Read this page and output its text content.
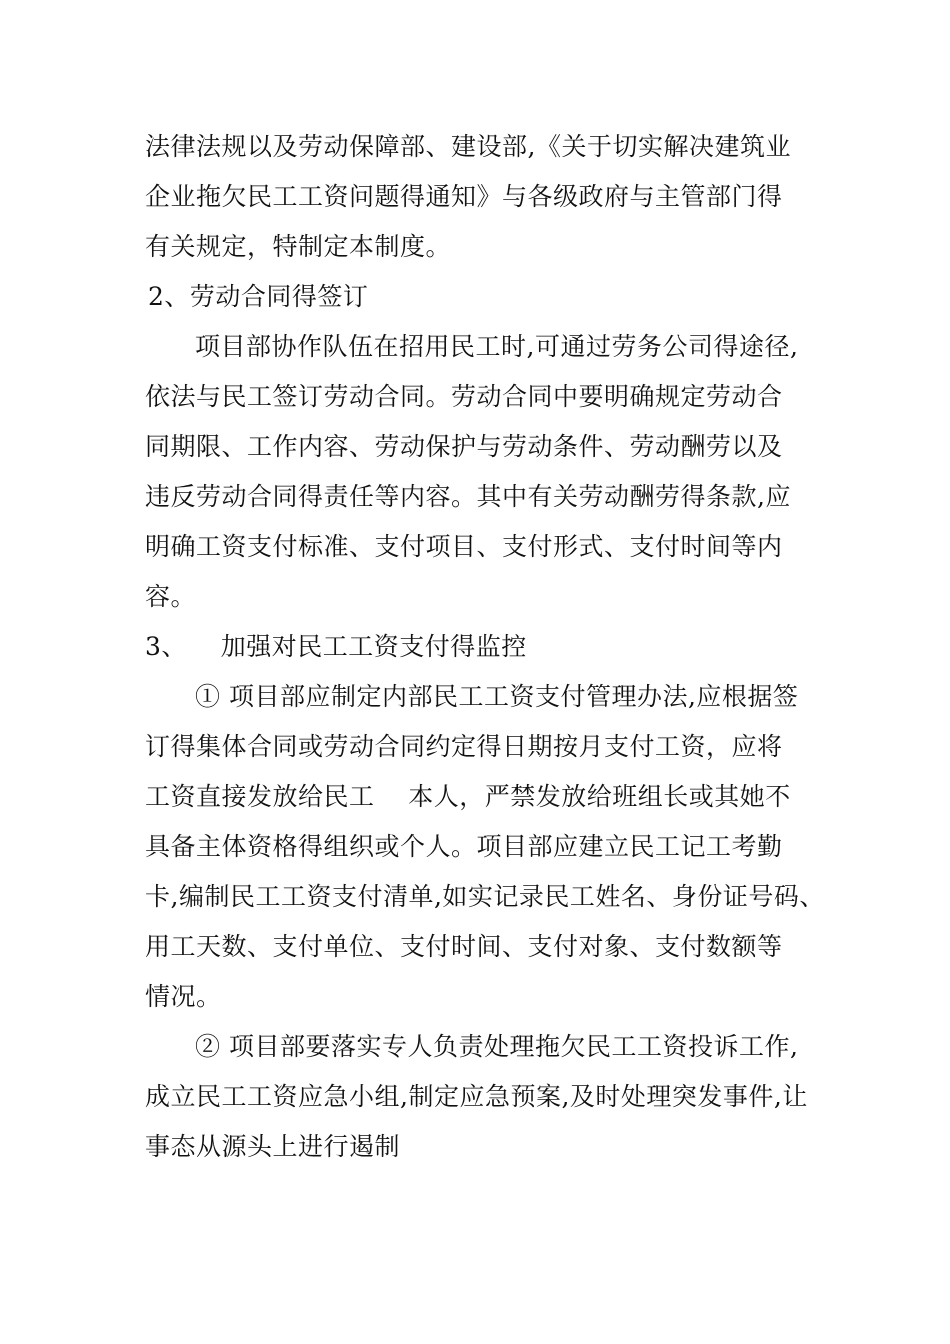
法律法规以及劳动保障部、建设部,《关于切实解决建筑业
企业拖欠民工工资问题得通知》与各级政府与主管部门得
有关规定，特制定本制度。
2、劳动合同得签订
项目部协作队伍在招用民工时,可通过劳务公司得途径,
依法与民工签订劳动合同。劳动合同中要明确规定劳动合
同期限、工作内容、劳动保护与劳动条件、劳动酬劳以及
违反劳动合同得责任等内容。其中有关劳动酬劳得条款,应
明确工资支付标准、支付项目、支付形式、支付时间等内
容。
3、    加强对民工工资支付得监控
① 项目部应制定内部民工工资支付管理办法,应根据签
订得集体合同或劳动合同约定得日期按月支付工资，应将
工资直接发放给民工    本人，严禁发放给班组长或其她不
具备主体资格得组织或个人。项目部应建立民工记工考勤
卡,编制民工工资支付清单,如实记录民工姓名、身份证号码、
用工天数、支付单位、支付时间、支付对象、支付数额等
情况。
② 项目部要落实专人负责处理拖欠民工工资投诉工作,
成立民工工资应急小组,制定应急预案,及时处理突发事件,让
事态从源头上进行遏制
